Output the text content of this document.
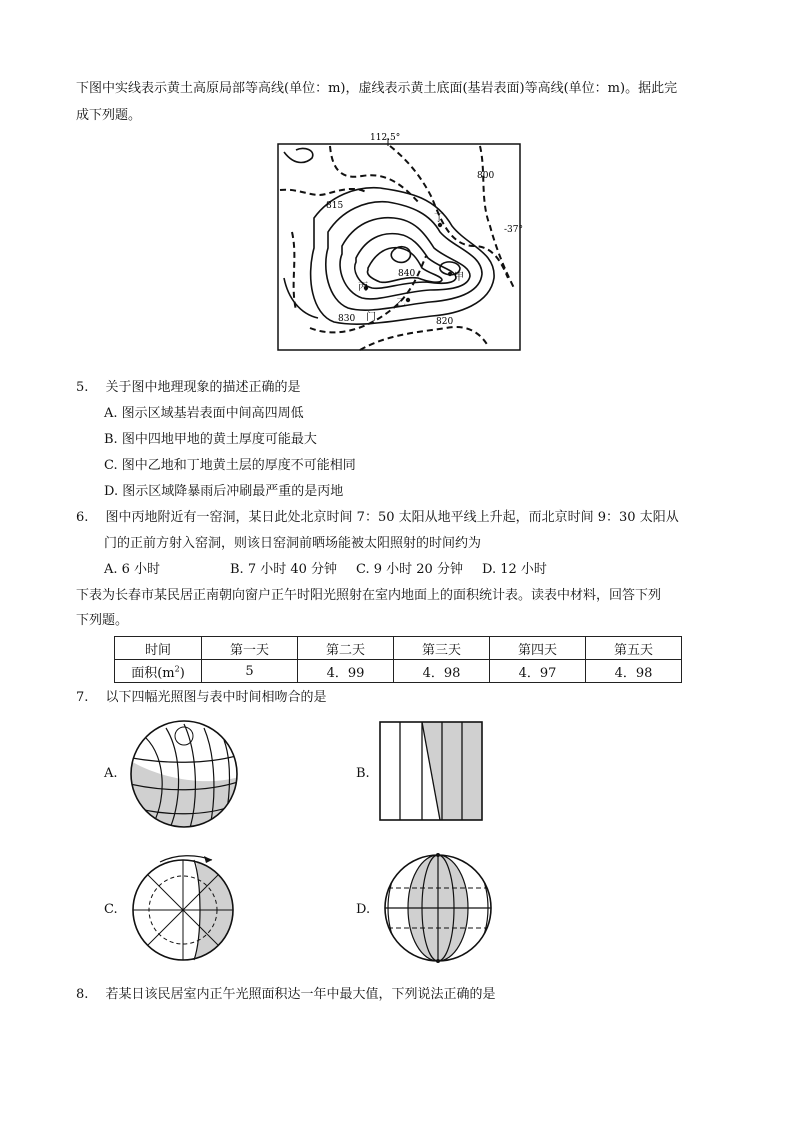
下图中实线表示黄土高原局部等高线(单位：m)，虚线表示黄土底面(基岩表面)等高线(单位：m)。据此完
成下列题。
112.5°
-37°
800
815
840
830	820
丁
甲
乙
丙
门
5.　 关于图中地理现象的描述正确的是
A. 图示区域基岩表面中间高四周低
B. 图中四地甲地的黄土厚度可能最大
C. 图中乙地和丁地黄土层的厚度不可能相同
D. 图示区域降暴雨后冲刷最严重的是丙地
6.　 图中丙地附近有一窑洞，某日此处北京时间 7：50 太阳从地平线上升起，而北京时间 9：30 太阳从
门的正前方射入窑洞，则该日窑洞前晒场能被太阳照射的时间约为
A. 6 小时	B. 7 小时 40 分钟 C. 9 小时 20 分钟 D. 12 小时
下表为长春市某民居正南朝向窗户正午时阳光照射在室内地面上的面积统计表。读表中材料，回答下列
下列题。
时间	第一天	第二天	第三天	第四天	第五天
面积$(m^2)$	5	4．99	4．98	4．97	4．98
7.　 以下四幅光照图与表中时间相吻合的是
A.	B.
C.	D.
8.　 若某日该民居室内正午光照面积达一年中最大值，下列说法正确的是
